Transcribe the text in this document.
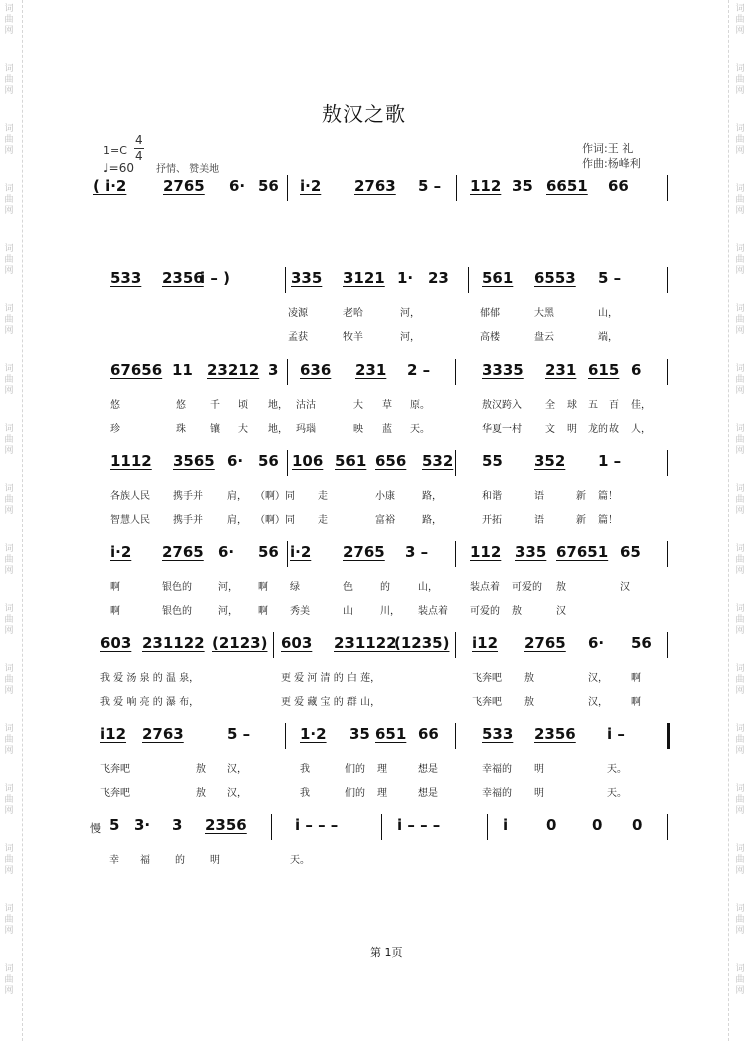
词
曲
网
词
曲
网
词
曲
网
词
曲
网
词
曲
网
词
曲
网
词
曲
网
词
曲
网
词
曲
网
词
曲
网
词
曲
网
词
曲
网
词
曲
网
词
曲
网
词
曲
网
词
曲
网
词
曲
网
词
曲
网
词
曲
网
词
曲
网
词
曲
网
词
曲
网
词
曲
网
词
曲
网
词
曲
网
词
曲
网
词
曲
网
词
曲
网
词
曲
网
词
曲
网
词
曲
网
词
曲
网
词
曲
网
词
曲
网
敖汉之歌
1=C
4
4
♩=60 抒情、 赞美地
作词:王 礼
作曲:杨峰利
( i·2 2765 6· 56 i·2 2763 5 – 112 35 6651 66
533 2356
i – )	335 3121 1· 23 561 6553 5 –
凌源	老哈	河，	郁郁	大黑	山，
孟获	牧羊	河，	高楼	盘云	端，
67656 11 23212 3 636 231 2 –	3335 231 615 6
悠	悠 千 顷 地， 沽沽	大 草 原。	敖汉跨入 全 球 五 百 佳，
珍	珠 镶 大 地， 玛瑙	映 蓝 天。	华夏一村 文 明 龙的 故 人，
1112 3565 6· 56 106 561 656 532 55 352 1 –
各族人民 携手并 肩， （啊）同 走	小康	路，	和谐	语	新 篇！
智慧人民 携手并 肩， （啊）同 走	富裕	路，	开拓	语	新 篇！
i·2 2765 6· 56 i·2 2765 3 –	112 335 67651 65
啊	银色的	河， 啊 绿	色	的	山，	装点着 可爱的 敖	汉
啊	银色的	河， 啊 秀美	山	川， 装点着 可爱的 敖	汉
603 231122 (2123) 603 231122
(1235) i12 2765 6· 56
我 爱 汤 泉 的 温 泉，	更 爱 河 清 的 白 莲，	飞奔吧 敖	汉， 啊
我 爱 响 亮 的 瀑 布，	更 爱 藏 宝 的 群 山，	飞奔吧 敖	汉， 啊
i12 2763	5 –	1·2 35 651 66	533 2356 i –
飞奔吧	敖 汉，	我	们的 理	想是	幸福的 明	天。
飞奔吧	敖 汉，	我	们的 理	想是	幸福的 明	天。
慢 5 3· 3 2356	i – – –	i – – –	i	0 0 0
幸 福	的	明	天。
第 1页
